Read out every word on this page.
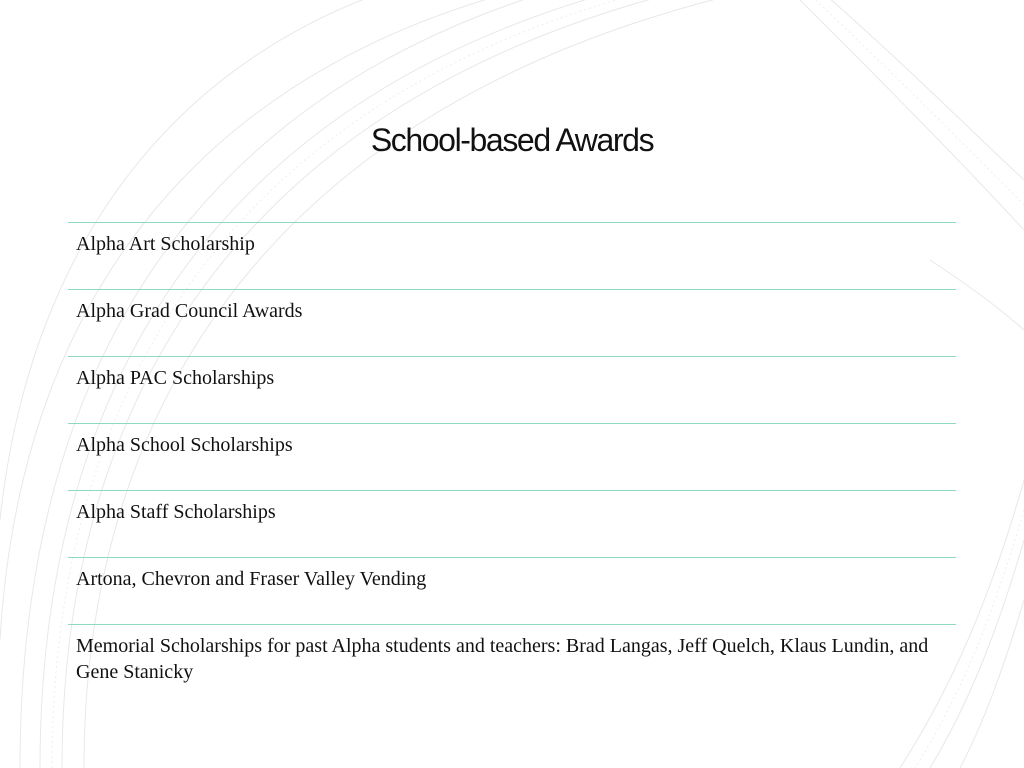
School-based Awards
Alpha Art Scholarship
Alpha Grad Council Awards
Alpha PAC Scholarships
Alpha School Scholarships
Alpha Staff Scholarships
Artona, Chevron and Fraser Valley Vending
Memorial Scholarships for past Alpha students and teachers: Brad Langas, Jeff Quelch, Klaus Lundin, and Gene Stanicky
